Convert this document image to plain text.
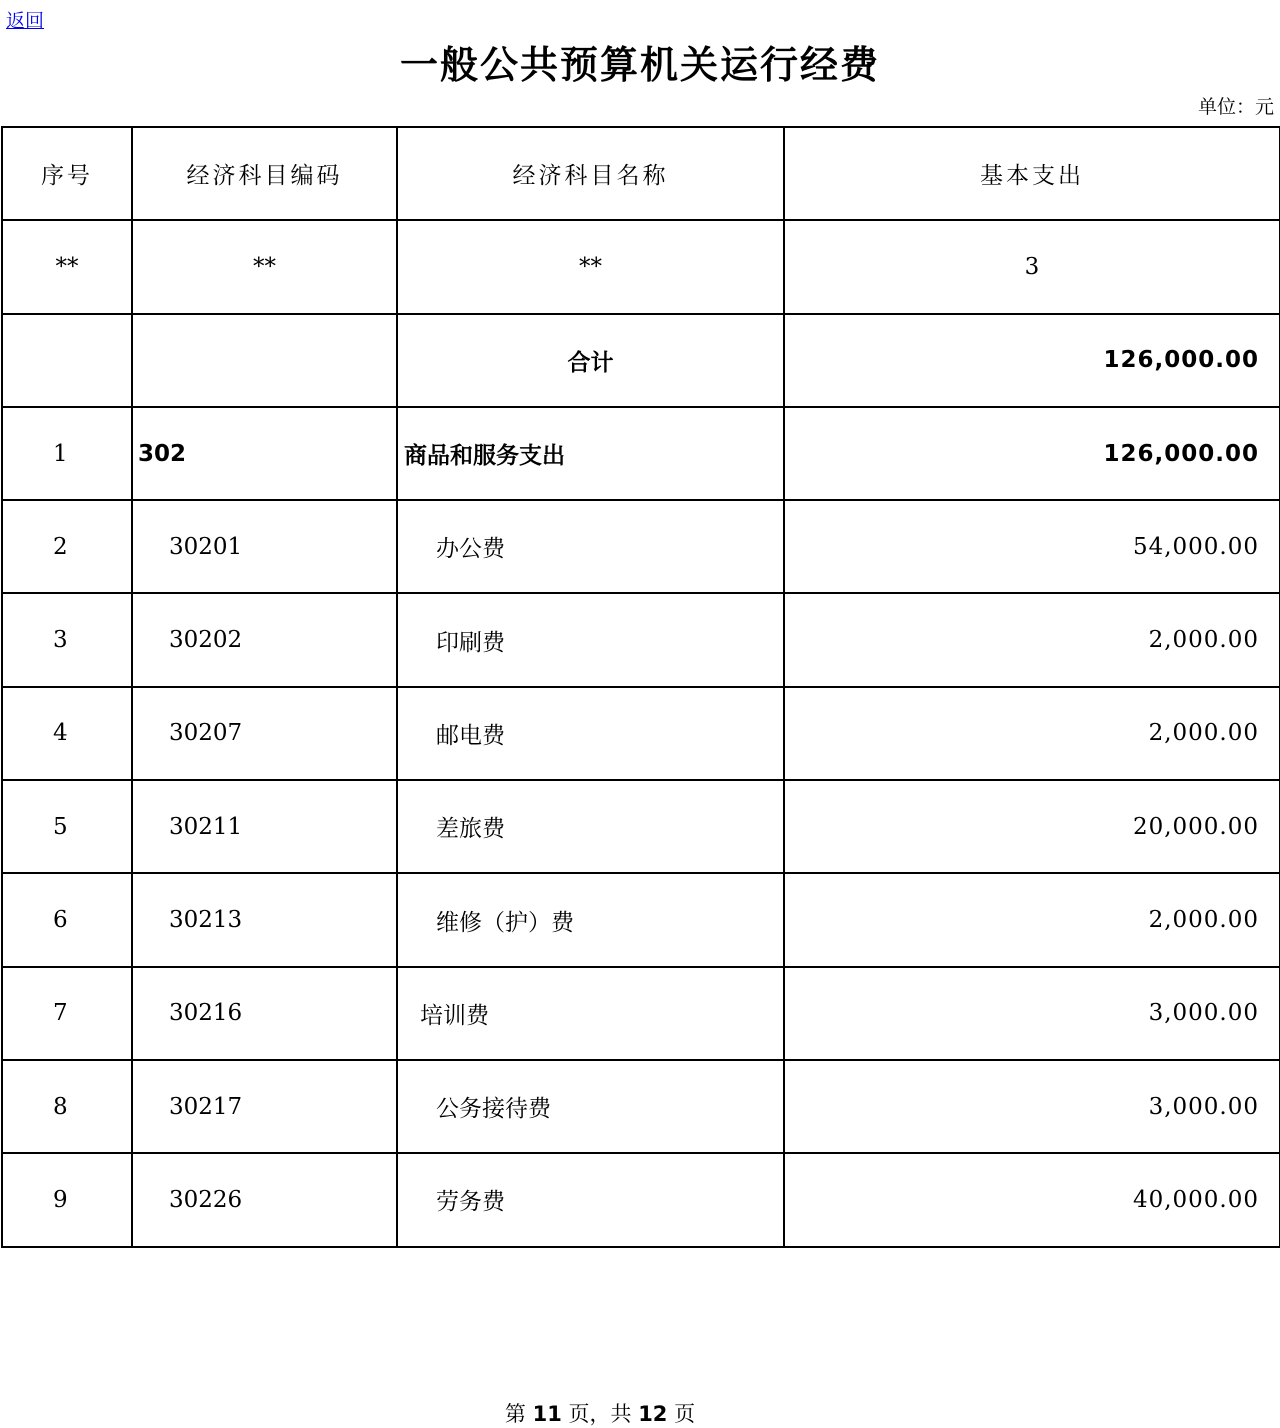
返回
一般公共预算机关运行经费
单位：元
序号	经济科目编码	经济科目名称	基本支出
**	**	**	3
		合计	126,000.00
1	302	商品和服务支出	126,000.00
2	30201	办公费	54,000.00
3	30202	印刷费	2,000.00
4	30207	邮电费	2,000.00
5	30211	差旅费	20,000.00
6	30213	维修（护）费	2,000.00
7	30216	培训费	3,000.00
8	30217	公务接待费	3,000.00
9	30226	劳务费	40,000.00
第 11 页，共 12 页
